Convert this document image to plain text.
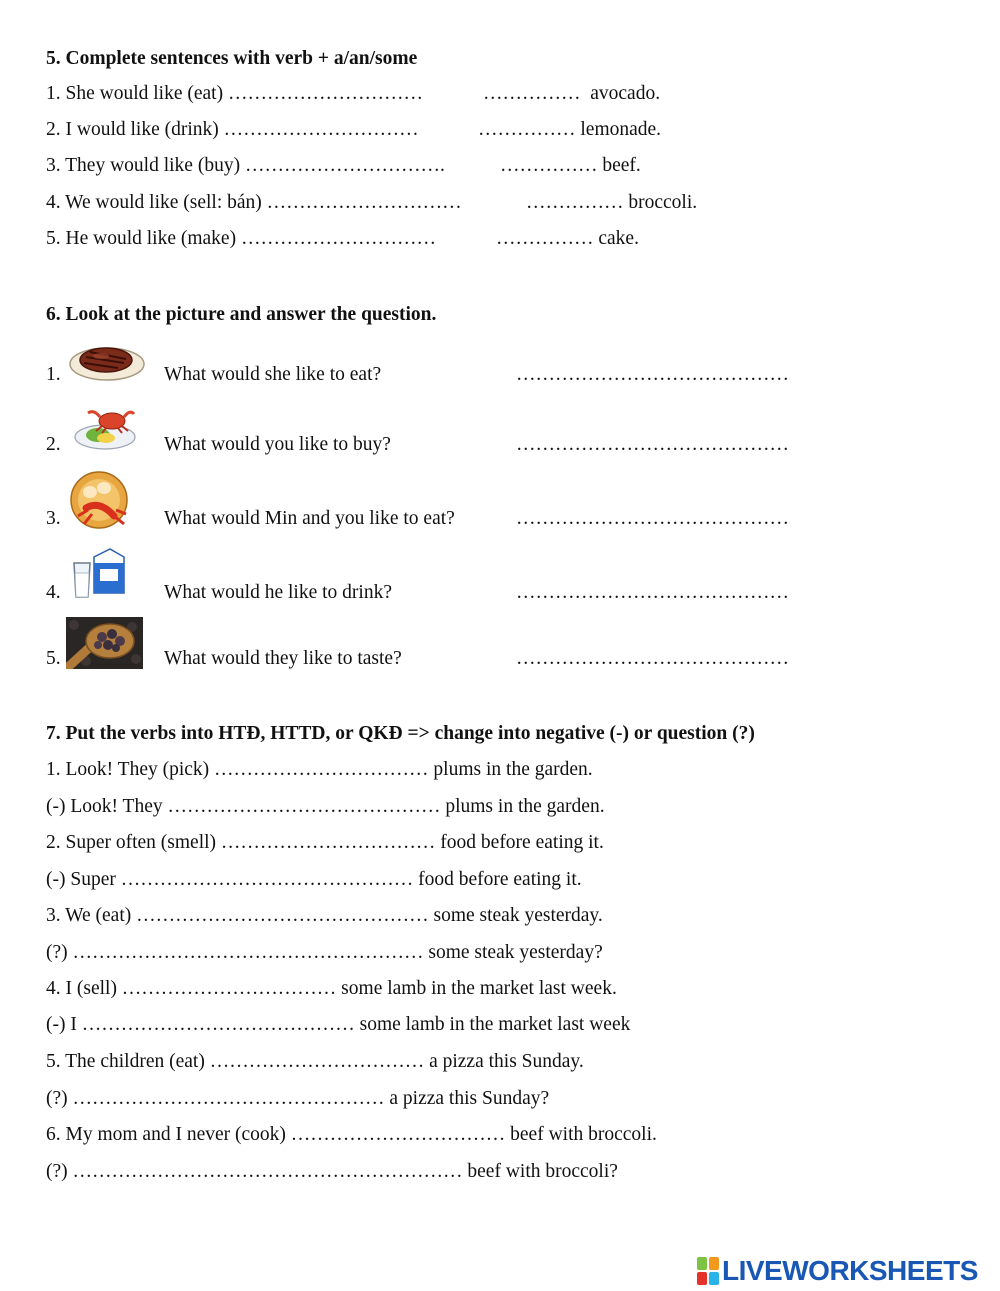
5. Complete sentences with verb + a/an/some
1. She would like (eat) …………………………	……………  avocado.
2. I would like (drink) …………………………	…………… lemonade.
3. They would like (buy) ………………………….	…………… beef.
4. We would like (sell: bán) …………………………	…………… broccoli.
5. He would like (make) …………………………	…………… cake.
6. Look at the picture and answer the question.
1.	What would she like to eat?	……………………………………
2.	What would you like to buy?	……………………………………
3.	What would Min and you like to eat?	……………………………………
4.	What would he like to drink?	……………………………………
5.	What would they like to taste?	……………………………………
7. Put the verbs into HTĐ, HTTD, or QKĐ => change into negative (-) or question (?)
1. Look! They (pick) …………………………… plums in the garden.
(-) Look! They …………………………………… plums in the garden.
2. Super often (smell) …………………………… food before eating it.
(-) Super ……………………………………… food before eating it.
3. We (eat) ……………………………………… some steak yesterday.
(?) ……………………………………………… some steak yesterday?
4. I (sell) …………………………… some lamb in the market last week.
(-) I …………………………………… some lamb in the market last week
5. The children (eat) …………………………… a pizza this Sunday.
(?) ………………………………………… a pizza this Sunday?
6. My mom and I never (cook) …………………………… beef with broccoli.
(?) …………………………………………………… beef with broccoli?
LIVEWORKSHEETS
